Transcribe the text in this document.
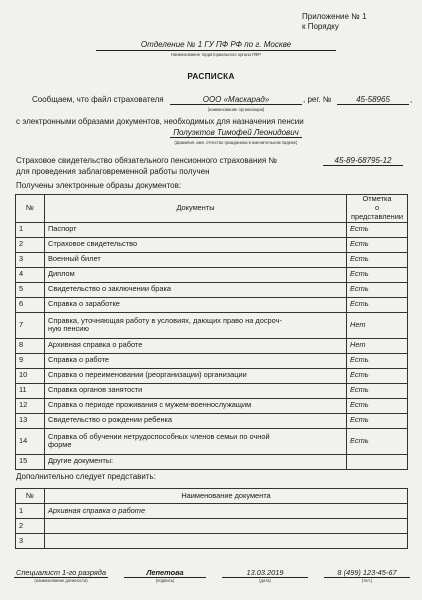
Приложение № 1
к Порядку
Отделение № 1 ГУ ПФ РФ по г. Москве
Наименование территориального органа ПФР
РАСПИСКА
Сообщаем, что файл страхователя	ООО «Маскарад»
(наименование организации)
, рег. №	45-58965	,
с электронными образами документов, необходимых для назначения пенсии
Полуэктов Тимофей Леонидович
(фамилия, имя, отчество гражданина в именительном падеже)
Страховое свидетельство обязательного пенсионного страхования №	45-89-68795-12
для проведения заблаговременной работы получен
Получены электронные образы документов:
№	Документы	Отметка
о представлении
1	Паспорт	Есть
2	Страховое свидетельство	Есть
3	Военный билет	Есть
4	Диплом	Есть
5	Свидетельство о заключении брака	Есть
6	Справка о заработке	Есть
7	Справка, уточняющая работу в условиях, дающих право на досроч-
ную пенсию	Нет
8	Архивная справка о работе	Нет
9	Справка о работе	Есть
10	Справка о переименовании (реорганизации) организации	Есть
11	Справка органов занятости	Есть
12	Справка о периоде проживания с мужем-военнослужащим	Есть
13	Свидетельство о рождении ребенка	Есть
14	Справка об обучении нетрудоспособных членов семьи по очной
форме	Есть
15	Другие документы:	
Дополнительно следует представить:
№	Наименование документа
1	Архивная справка о работе
2	
3	
Специалист 1-го разряда
(наименование должности)
Лепетова
(подпись)
13.03.2019
(дата)
8 (499) 123-45-67
(тел.)
